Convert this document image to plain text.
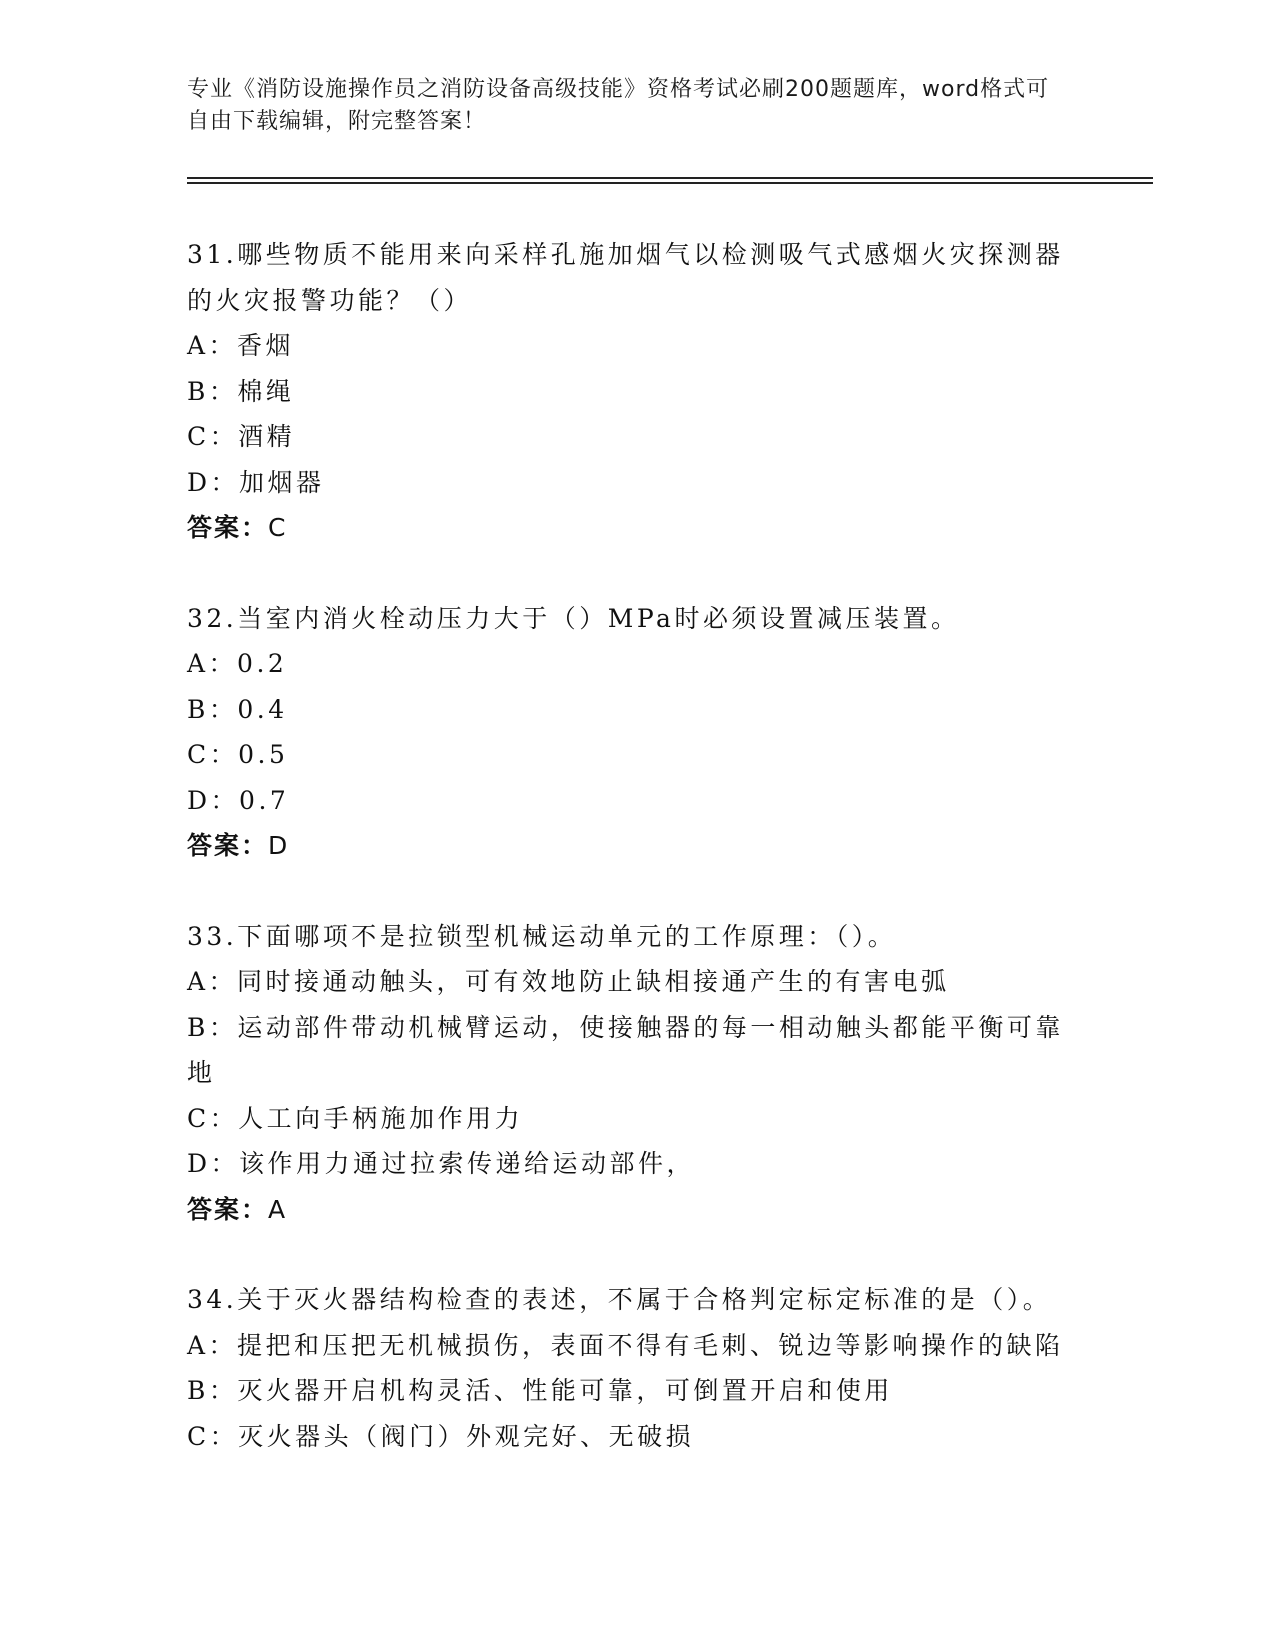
专业《消防设施操作员之消防设备高级技能》资格考试必刷200题题库，word格式可自由下载编辑，附完整答案！
31.哪些物质不能用来向采样孔施加烟气以检测吸气式感烟火灾探测器的火灾报警功能？（）
A：香烟
B：棉绳
C：酒精
D：加烟器
答案：C
32.当室内消火栓动压力大于（）MPa时必须设置减压装置。
A：0.2
B：0.4
C：0.5
D：0.7
答案：D
33.下面哪项不是拉锁型机械运动单元的工作原理：（）。
A：同时接通动触头，可有效地防止缺相接通产生的有害电弧
B：运动部件带动机械臂运动，使接触器的每一相动触头都能平衡可靠地
C：人工向手柄施加作用力
D：该作用力通过拉索传递给运动部件，
答案：A
34.关于灭火器结构检查的表述，不属于合格判定标定标准的是（）。
A：提把和压把无机械损伤，表面不得有毛刺、锐边等影响操作的缺陷
B：灭火器开启机构灵活、性能可靠，可倒置开启和使用
C：灭火器头（阀门）外观完好、无破损
